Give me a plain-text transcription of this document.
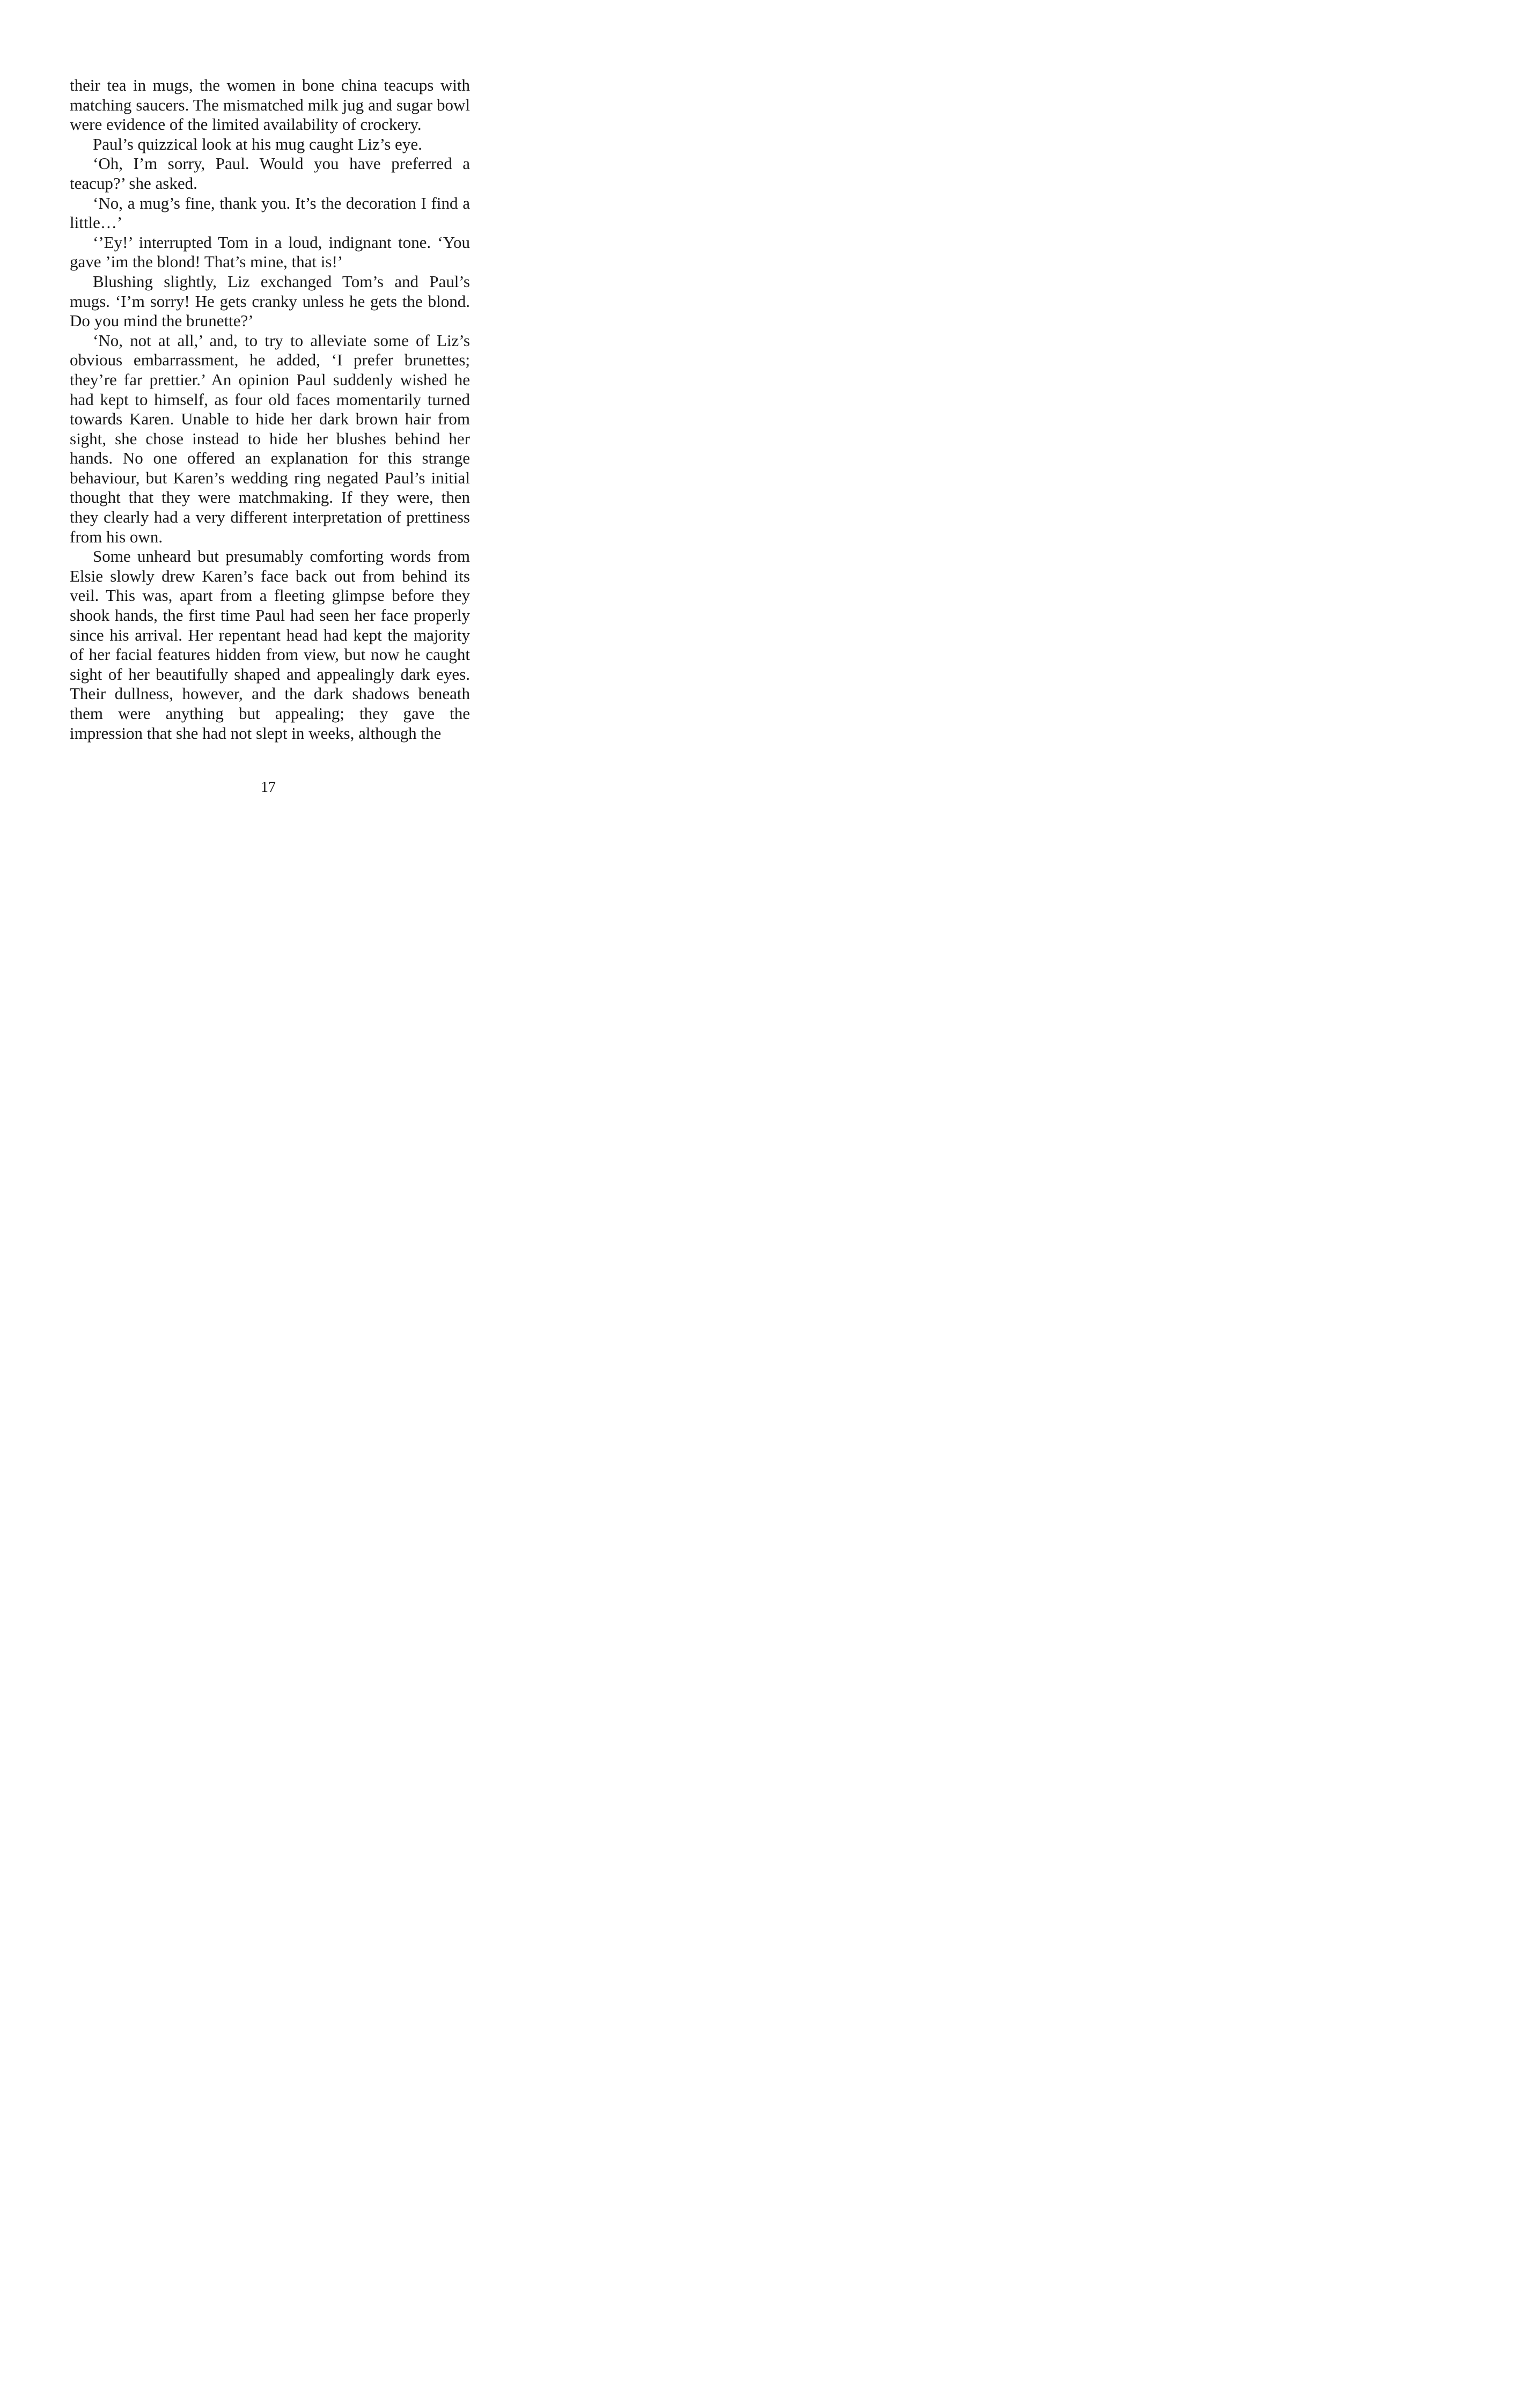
their tea in mugs, the women in bone china teacups with matching saucers. The mismatched milk jug and sugar bowl were evidence of the limited availability of crockery.

Paul’s quizzical look at his mug caught Liz’s eye.

‘Oh, I’m sorry, Paul. Would you have preferred a teacup?’ she asked.

‘No, a mug’s fine, thank you. It’s the decoration I find a little…’

‘’Ey!’ interrupted Tom in a loud, indignant tone. ‘You gave ’im the blond! That’s mine, that is!’

Blushing slightly, Liz exchanged Tom’s and Paul’s mugs. ‘I’m sorry! He gets cranky unless he gets the blond. Do you mind the brunette?’

‘No, not at all,’ and, to try to alleviate some of Liz’s obvious embarrassment, he added, ‘I prefer brunettes; they’re far prettier.’ An opinion Paul suddenly wished he had kept to himself, as four old faces momentarily turned towards Karen. Unable to hide her dark brown hair from sight, she chose instead to hide her blushes behind her hands. No one offered an explanation for this strange behaviour, but Karen’s wedding ring negated Paul’s initial thought that they were matchmaking. If they were, then they clearly had a very different interpretation of prettiness from his own.

Some unheard but presumably comforting words from Elsie slowly drew Karen’s face back out from behind its veil. This was, apart from a fleeting glimpse before they shook hands, the first time Paul had seen her face properly since his arrival. Her repentant head had kept the majority of her facial features hidden from view, but now he caught sight of her beautifully shaped and appealingly dark eyes. Their dullness, however, and the dark shadows beneath them were anything but appealing; they gave the impression that she had not slept in weeks, although the

17
